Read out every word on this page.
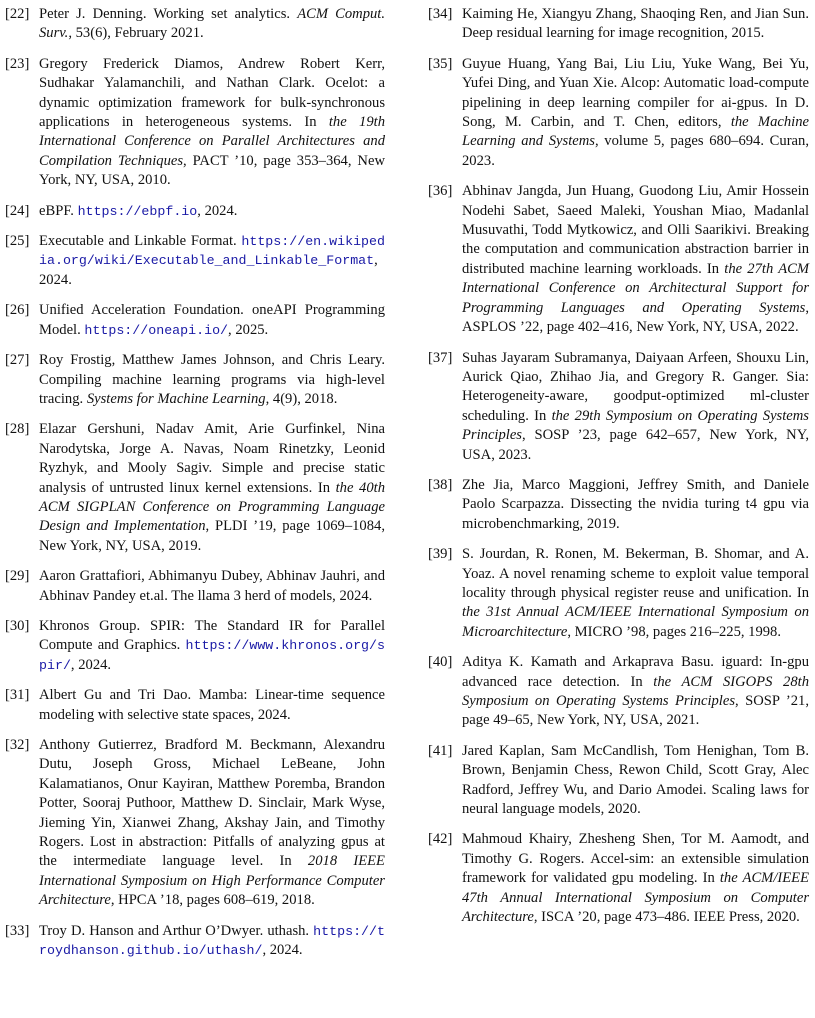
[22] Peter J. Denning. Working set analytics. ACM Comput. Surv., 53(6), February 2021.
[23] Gregory Frederick Diamos, Andrew Robert Kerr, Sudhakar Yalamanchili, and Nathan Clark. Ocelot: a dynamic optimization framework for bulk-synchronous applications in heterogeneous systems. In the 19th International Conference on Parallel Architectures and Compilation Techniques, PACT ’10, page 353–364, New York, NY, USA, 2010.
[24] eBPF. https://ebpf.io, 2024.
[25] Executable and Linkable Format. https://en.wikipedia.org/wiki/Executable_and_Linkable_Format, 2024.
[26] Unified Acceleration Foundation. oneAPI Programming Model. https://oneapi.io/, 2025.
[27] Roy Frostig, Matthew James Johnson, and Chris Leary. Compiling machine learning programs via high-level tracing. Systems for Machine Learning, 4(9), 2018.
[28] Elazar Gershuni, Nadav Amit, Arie Gurfinkel, Nina Narodytska, Jorge A. Navas, Noam Rinetzky, Leonid Ryzhyk, and Mooly Sagiv. Simple and precise static analysis of untrusted linux kernel extensions. In the 40th ACM SIGPLAN Conference on Programming Language Design and Implementation, PLDI ’19, page 1069–1084, New York, NY, USA, 2019.
[29] Aaron Grattafiori, Abhimanyu Dubey, Abhinav Jauhri, and Abhinav Pandey et.al. The llama 3 herd of models, 2024.
[30] Khronos Group. SPIR: The Standard IR for Parallel Compute and Graphics. https://www.khronos.org/spir/, 2024.
[31] Albert Gu and Tri Dao. Mamba: Linear-time sequence modeling with selective state spaces, 2024.
[32] Anthony Gutierrez, Bradford M. Beckmann, Alexandru Dutu, Joseph Gross, Michael LeBeane, John Kalamatianos, Onur Kayiran, Matthew Poremba, Brandon Potter, Sooraj Puthoor, Matthew D. Sinclair, Mark Wyse, Jieming Yin, Xianwei Zhang, Akshay Jain, and Timothy Rogers. Lost in abstraction: Pitfalls of analyzing gpus at the intermediate language level. In 2018 IEEE International Symposium on High Performance Computer Architecture, HPCA ’18, pages 608–619, 2018.
[33] Troy D. Hanson and Arthur O’Dwyer. uthash. https://troydhanson.github.io/uthash/, 2024.
[34] Kaiming He, Xiangyu Zhang, Shaoqing Ren, and Jian Sun. Deep residual learning for image recognition, 2015.
[35] Guyue Huang, Yang Bai, Liu Liu, Yuke Wang, Bei Yu, Yufei Ding, and Yuan Xie. Alcop: Automatic load-compute pipelining in deep learning compiler for ai-gpus. In D. Song, M. Carbin, and T. Chen, editors, the Machine Learning and Systems, volume 5, pages 680–694. Curan, 2023.
[36] Abhinav Jangda, Jun Huang, Guodong Liu, Amir Hossein Nodehi Sabet, Saeed Maleki, Youshan Miao, Madanlal Musuvathi, Todd Mytkowicz, and Olli Saarikivi. Breaking the computation and communication abstraction barrier in distributed machine learning workloads. In the 27th ACM International Conference on Architectural Support for Programming Languages and Operating Systems, ASPLOS ’22, page 402–416, New York, NY, USA, 2022.
[37] Suhas Jayaram Subramanya, Daiyaan Arfeen, Shouxu Lin, Aurick Qiao, Zhihao Jia, and Gregory R. Ganger. Sia: Heterogeneity-aware, goodput-optimized ml-cluster scheduling. In the 29th Symposium on Operating Systems Principles, SOSP ’23, page 642–657, New York, NY, USA, 2023.
[38] Zhe Jia, Marco Maggioni, Jeffrey Smith, and Daniele Paolo Scarpazza. Dissecting the nvidia turing t4 gpu via microbenchmarking, 2019.
[39] S. Jourdan, R. Ronen, M. Bekerman, B. Shomar, and A. Yoaz. A novel renaming scheme to exploit value temporal locality through physical register reuse and unification. In the 31st Annual ACM/IEEE International Symposium on Microarchitecture, MICRO ’98, pages 216–225, 1998.
[40] Aditya K. Kamath and Arkaprava Basu. iguard: In-gpu advanced race detection. In the ACM SIGOPS 28th Symposium on Operating Systems Principles, SOSP ’21, page 49–65, New York, NY, USA, 2021.
[41] Jared Kaplan, Sam McCandlish, Tom Henighan, Tom B. Brown, Benjamin Chess, Rewon Child, Scott Gray, Alec Radford, Jeffrey Wu, and Dario Amodei. Scaling laws for neural language models, 2020.
[42] Mahmoud Khairy, Zhesheng Shen, Tor M. Aamodt, and Timothy G. Rogers. Accel-sim: an extensible simulation framework for validated gpu modeling. In the ACM/IEEE 47th Annual International Symposium on Computer Architecture, ISCA ’20, page 473–486. IEEE Press, 2020.
